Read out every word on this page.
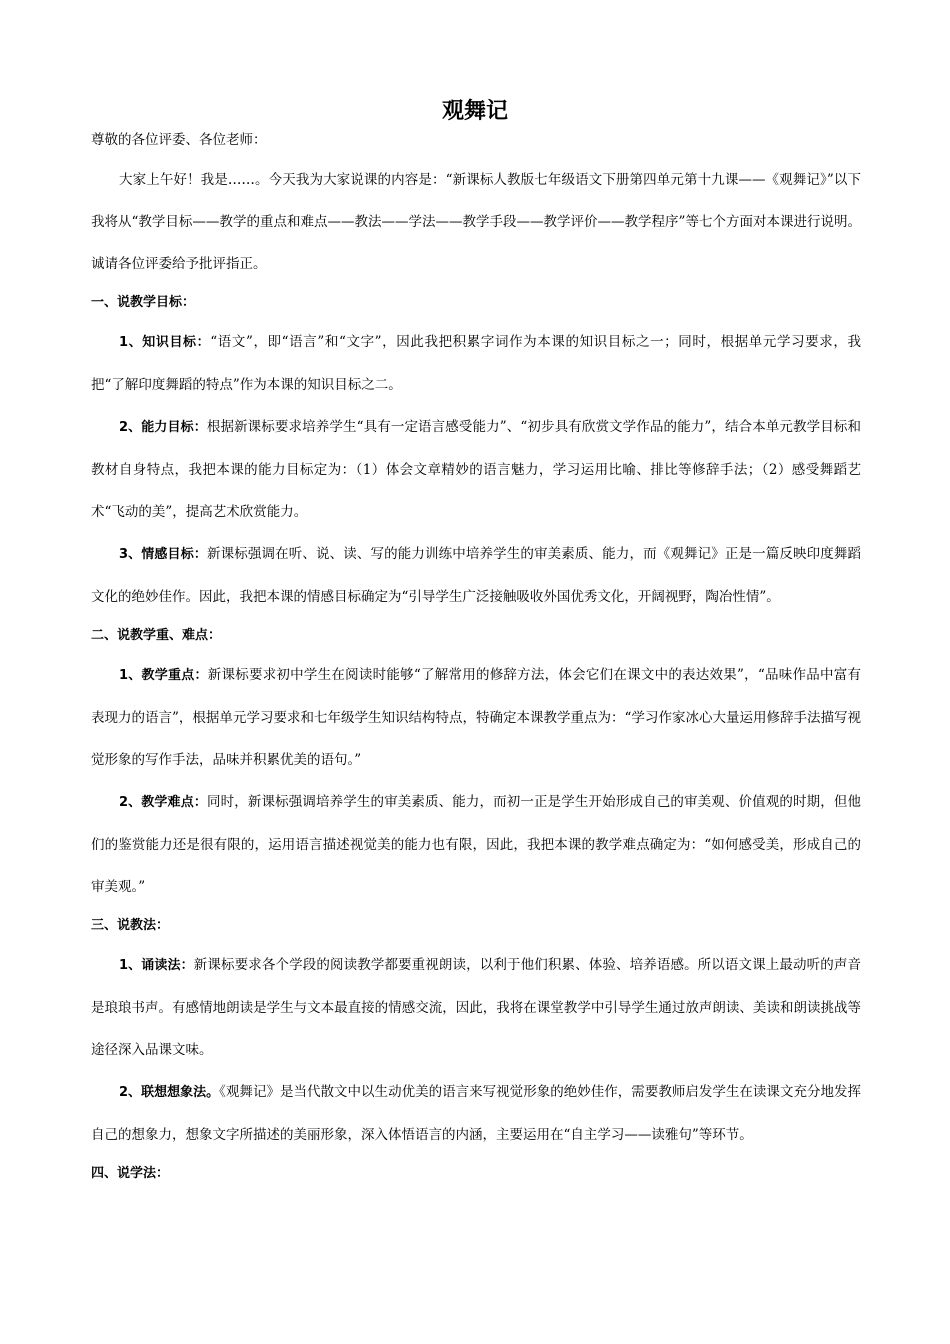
观舞记
尊敬的各位评委、各位老师：

大家上午好！我是……。今天我为大家说课的内容是：“新课标人教版七年级语文下册第四单元第十九课——《观舞记》”以下我将从“教学目标——教学的重点和难点——教法——学法——教学手段——教学评价——教学程序”等七个方面对本课进行说明。诚请各位评委给予批评指正。

一、说教学目标：

1、知识目标：“语文”，即“语言”和“文字”，因此我把积累字词作为本课的知识目标之一；同时，根据单元学习要求，我把“了解印度舞蹈的特点”作为本课的知识目标之二。

2、能力目标：根据新课标要求培养学生“具有一定语言感受能力”、“初步具有欣赏文学作品的能力”，结合本单元教学目标和教材自身特点，我把本课的能力目标定为：（1）体会文章精妙的语言魅力，学习运用比喻、排比等修辞手法；（2）感受舞蹈艺术“飞动的美”，提高艺术欣赏能力。

3、情感目标：新课标强调在听、说、读、写的能力训练中培养学生的审美素质、能力，而《观舞记》正是一篇反映印度舞蹈文化的绝妙佳作。因此，我把本课的情感目标确定为“引导学生广泛接触吸收外国优秀文化，开阔视野，陶冶性情”。

二、说教学重、难点：

1、教学重点：新课标要求初中学生在阅读时能够“了解常用的修辞方法，体会它们在课文中的表达效果”，“品味作品中富有表现力的语言”，根据单元学习要求和七年级学生知识结构特点，特确定本课教学重点为：“学习作家冰心大量运用修辞手法描写视觉形象的写作手法，品味并积累优美的语句。”

2、教学难点：同时，新课标强调培养学生的审美素质、能力，而初一正是学生开始形成自己的审美观、价值观的时期，但他们的鉴赏能力还是很有限的，运用语言描述视觉美的能力也有限，因此，我把本课的教学难点确定为：“如何感受美，形成自己的审美观。”

三、说教法：

1、诵读法：新课标要求各个学段的阅读教学都要重视朗读，以利于他们积累、体验、培养语感。所以语文课上最动听的声音是琅琅书声。有感情地朗读是学生与文本最直接的情感交流，因此，我将在课堂教学中引导学生通过放声朗读、美读和朗读挑战等途径深入品课文味。

2、联想想象法。《观舞记》是当代散文中以生动优美的语言来写视觉形象的绝妙佳作，需要教师启发学生在读课文充分地发挥自己的想象力，想象文字所描述的美丽形象，深入体悟语言的内涵，主要运用在“自主学习——读雅句”等环节。

四、说学法：
